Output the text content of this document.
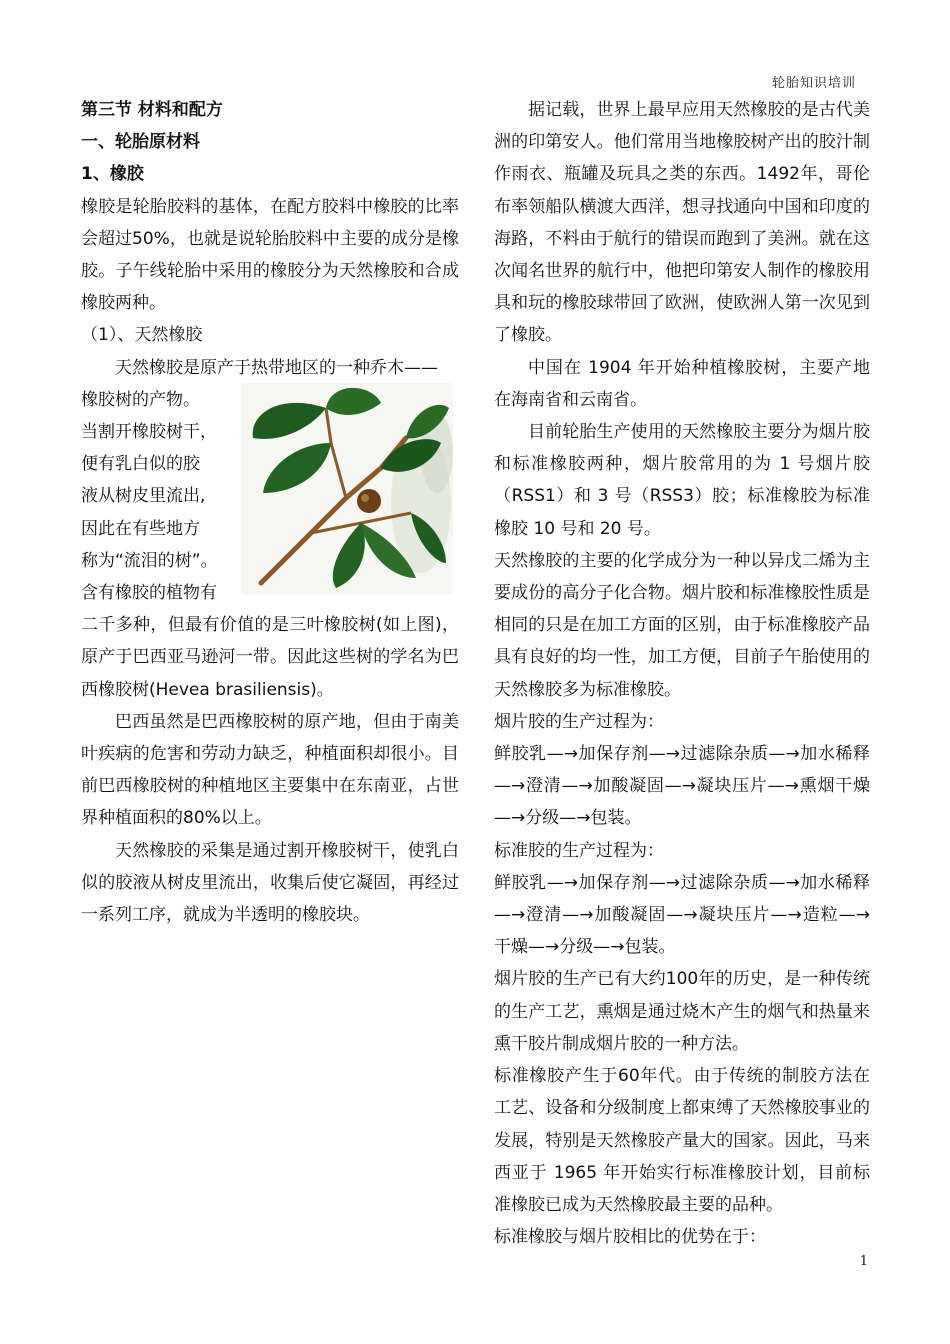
轮胎知识培训

第三节 材料和配方

一、轮胎原材料

1、橡胶

橡胶是轮胎胶料的基体，在配方胶料中橡胶的比率会超过50%，也就是说轮胎胶料中主要的成分是橡胶。子午线轮胎中采用的橡胶分为天然橡胶和合成橡胶两种。

（1）、天然橡胶

天然橡胶是原产于热带地区的一种乔木——

橡胶树的产物。

当割开橡胶树干，

便有乳白似的胶

液从树皮里流出,

因此在有些地方

称为“流泪的树”。

含有橡胶的植物有

二千多种，但最有价值的是三叶橡胶树(如上图)，原产于巴西亚马逊河一带。因此这些树的学名为巴西橡胶树(Hevea brasiliensis)。

巴西虽然是巴西橡胶树的原产地，但由于南美叶疾病的危害和劳动力缺乏，种植面积却很小。目前巴西橡胶树的种植地区主要集中在东南亚，占世界种植面积的80%以上。

天然橡胶的采集是通过割开橡胶树干，使乳白似的胶液从树皮里流出，收集后使它凝固，再经过一系列工序，就成为半透明的橡胶块。

据记载，世界上最早应用天然橡胶的是古代美洲的印第安人。他们常用当地橡胶树产出的胶汁制作雨衣、瓶罐及玩具之类的东西。1492年，哥伦布率领船队横渡大西洋，想寻找通向中国和印度的海路，不料由于航行的错误而跑到了美洲。就在这次闻名世界的航行中，他把印第安人制作的橡胶用具和玩的橡胶球带回了欧洲，使欧洲人第一次见到了橡胶。

中国在 1904 年开始种植橡胶树，主要产地在海南省和云南省。

目前轮胎生产使用的天然橡胶主要分为烟片胶和标准橡胶两种，烟片胶常用的为 1 号烟片胶（RSS1）和 3 号（RSS3）胶；标准橡胶为标准橡胶 10 号和 20 号。

天然橡胶的主要的化学成分为一种以异戊二烯为主要成份的高分子化合物。烟片胶和标准橡胶性质是相同的只是在加工方面的区别，由于标准橡胶产品具有良好的均一性，加工方便，目前子午胎使用的天然橡胶多为标准橡胶。

烟片胶的生产过程为：

鲜胶乳—→加保存剂—→过滤除杂质—→加水稀释—→澄清—→加酸凝固—→凝块压片—→熏烟干燥—→分级—→包装。

标准胶的生产过程为：

鲜胶乳—→加保存剂—→过滤除杂质—→加水稀释—→澄清—→加酸凝固—→凝块压片—→造粒—→干燥—→分级—→包装。

烟片胶的生产已有大约100年的历史，是一种传统的生产工艺，熏烟是通过烧木产生的烟气和热量来熏干胶片制成烟片胶的一种方法。

标准橡胶产生于60年代。由于传统的制胶方法在工艺、设备和分级制度上都束缚了天然橡胶事业的发展，特别是天然橡胶产量大的国家。因此，马来西亚于 1965 年开始实行标准橡胶计划，目前标准橡胶已成为天然橡胶最主要的品种。

标准橡胶与烟片胶相比的优势在于：

1
